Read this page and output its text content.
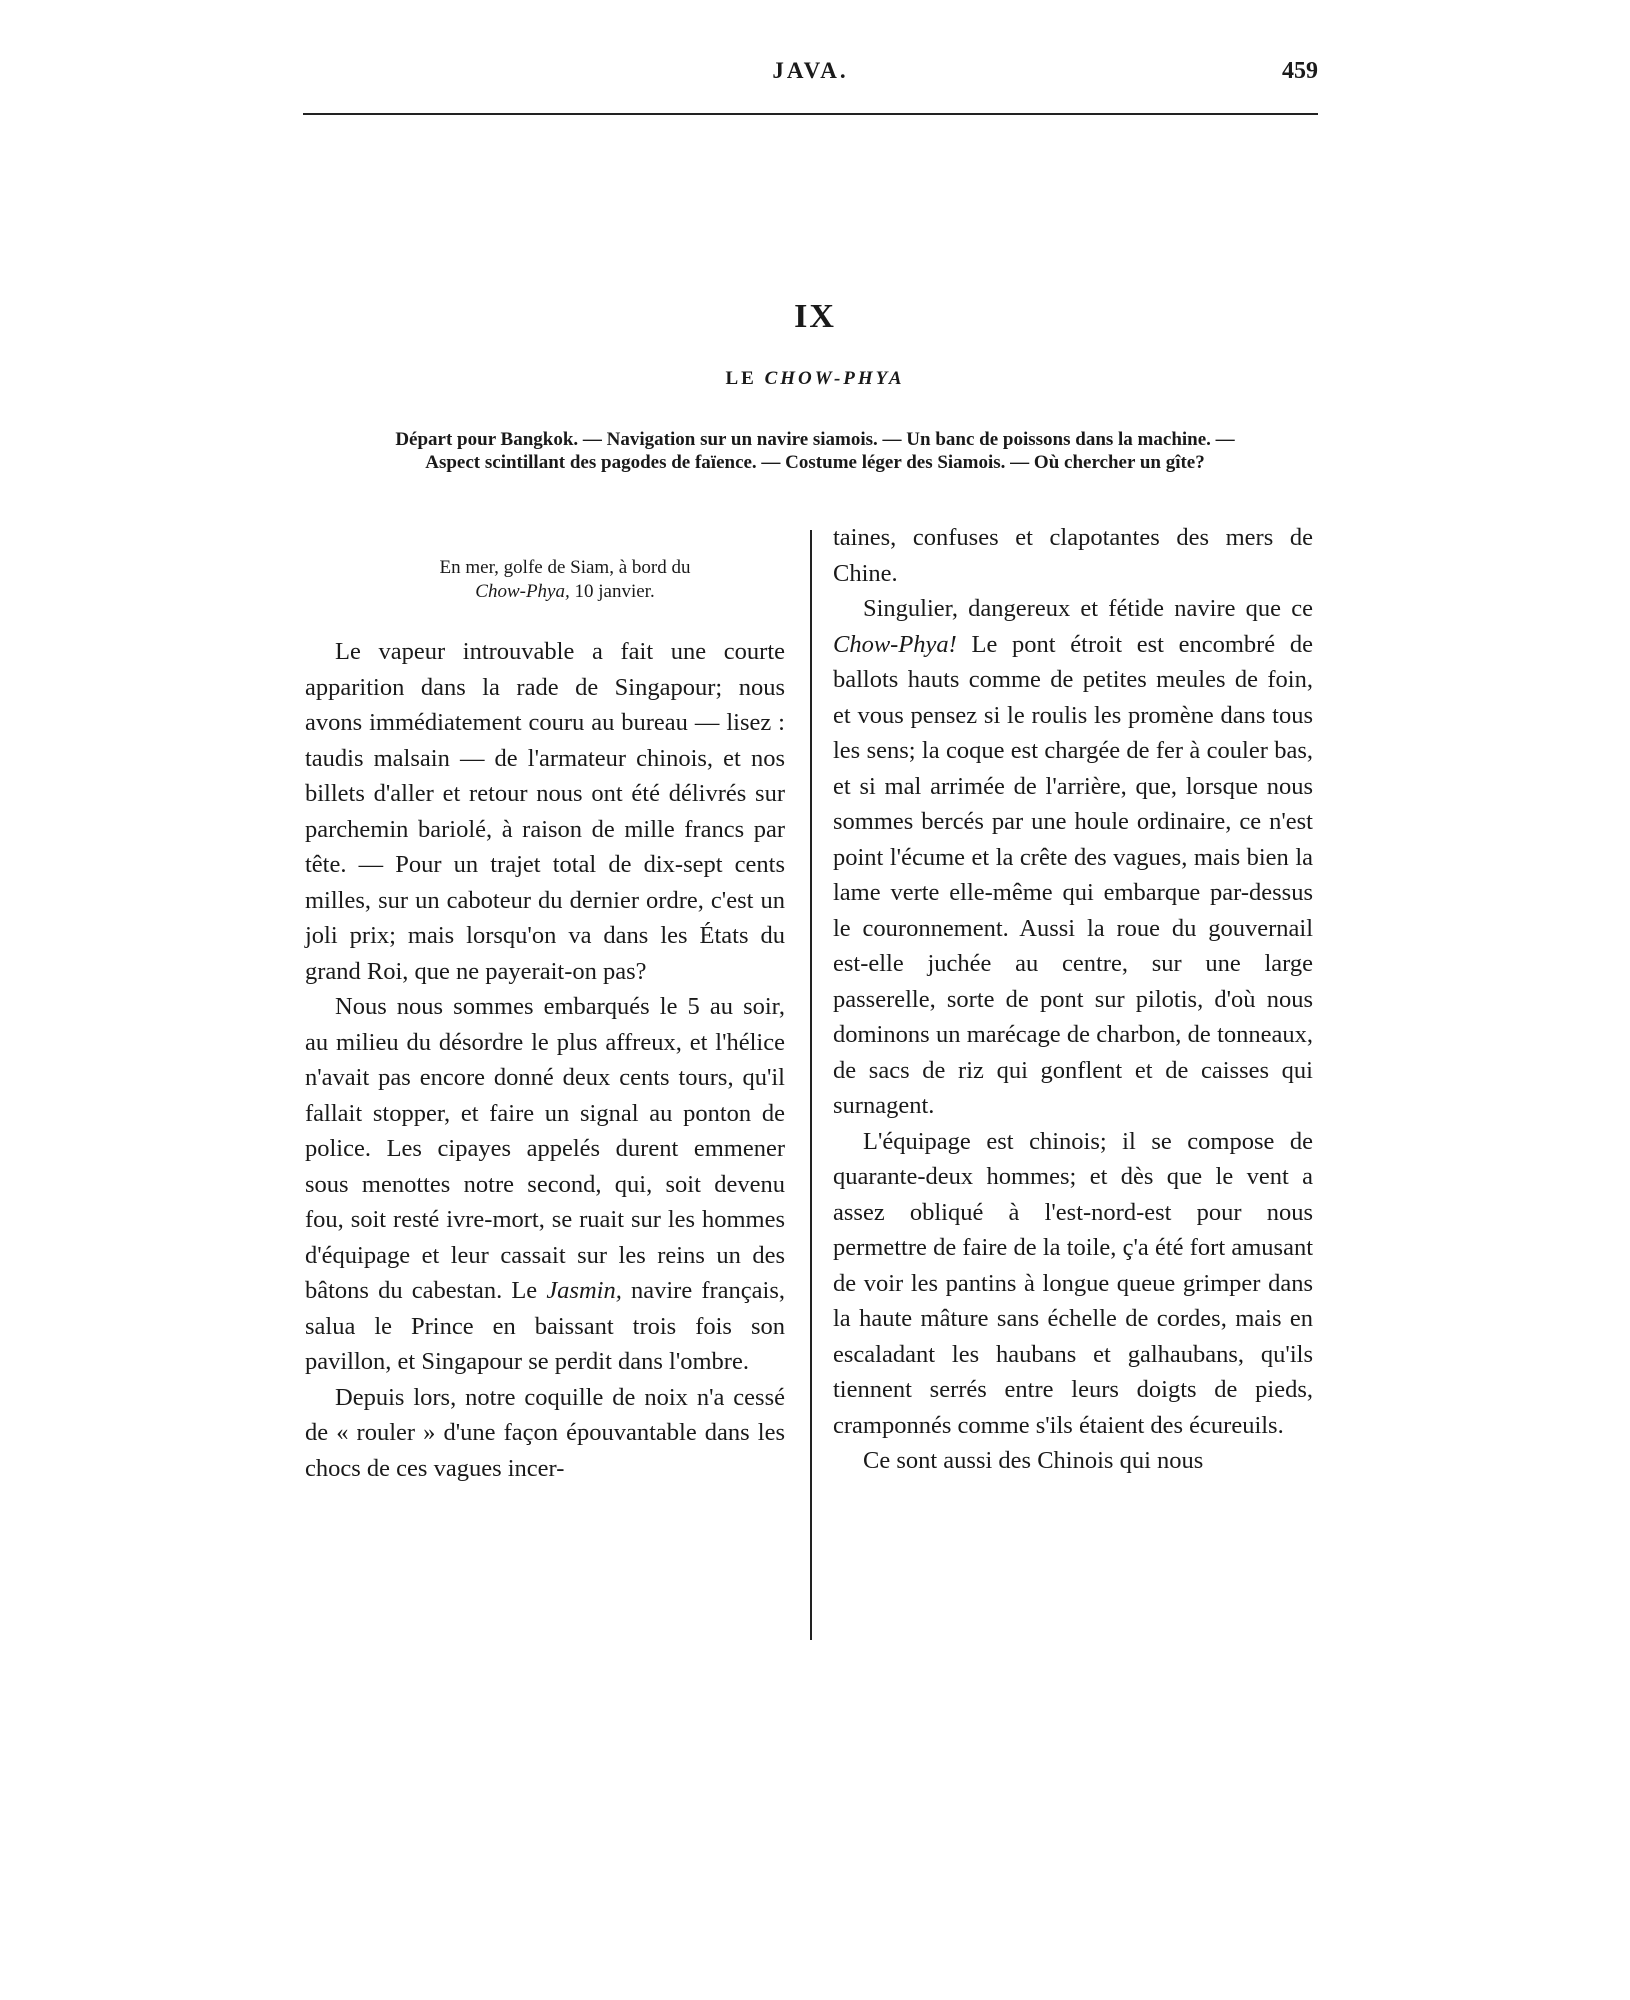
JAVA.	459
IX
LE CHOW-PHYA
Départ pour Bangkok. — Navigation sur un navire siamois. — Un banc de poissons dans la machine. —
Aspect scintillant des pagodes de faïence. — Costume léger des Siamois. — Où chercher un gîte?
En mer, golfe de Siam, à bord du
Chow-Phya, 10 janvier.

Le vapeur introuvable a fait une courte apparition dans la rade de Singapour; nous avons immédiatement couru au bureau — lisez : taudis malsain — de l'armateur chinois, et nos billets d'aller et retour nous ont été délivrés sur parchemin bariolé, à raison de mille francs par tête. — Pour un trajet total de dix-sept cents milles, sur un caboteur du dernier ordre, c'est un joli prix; mais lorsqu'on va dans les États du grand Roi, que ne payerait-on pas?

Nous nous sommes embarqués le 5 au soir, au milieu du désordre le plus affreux, et l'hélice n'avait pas encore donné deux cents tours, qu'il fallait stopper, et faire un signal au ponton de police. Les cipayes appelés durent emmener sous menottes notre second, qui, soit devenu fou, soit resté ivre-mort, se ruait sur les hommes d'équipage et leur cassait sur les reins un des bâtons du cabestan. Le Jasmin, navire français, salua le Prince en baissant trois fois son pavillon, et Singapour se perdit dans l'ombre.

Depuis lors, notre coquille de noix n'a cessé de « rouler » d'une façon épouvantable dans les chocs de ces vagues incer-

taines, confuses et clapotantes des mers de Chine.

Singulier, dangereux et fétide navire que ce Chow-Phya! Le pont étroit est encombré de ballots hauts comme de petites meules de foin, et vous pensez si le roulis les promène dans tous les sens; la coque est chargée de fer à couler bas, et si mal arrimée de l'arrière, que, lorsque nous sommes bercés par une houle ordinaire, ce n'est point l'écume et la crête des vagues, mais bien la lame verte elle-même qui embarque par-dessus le couronnement. Aussi la roue du gouvernail est-elle juchée au centre, sur une large passerelle, sorte de pont sur pilotis, d'où nous dominons un marécage de charbon, de tonneaux, de sacs de riz qui gonflent et de caisses qui surnagent.

L'équipage est chinois; il se compose de quarante-deux hommes; et dès que le vent a assez obliqué à l'est-nord-est pour nous permettre de faire de la toile, ç'a été fort amusant de voir les pantins à longue queue grimper dans la haute mâture sans échelle de cordes, mais en escaladant les haubans et galhaubans, qu'ils tiennent serrés entre leurs doigts de pieds, cramponnés comme s'ils étaient des écureuils.

Ce sont aussi des Chinois qui nous
